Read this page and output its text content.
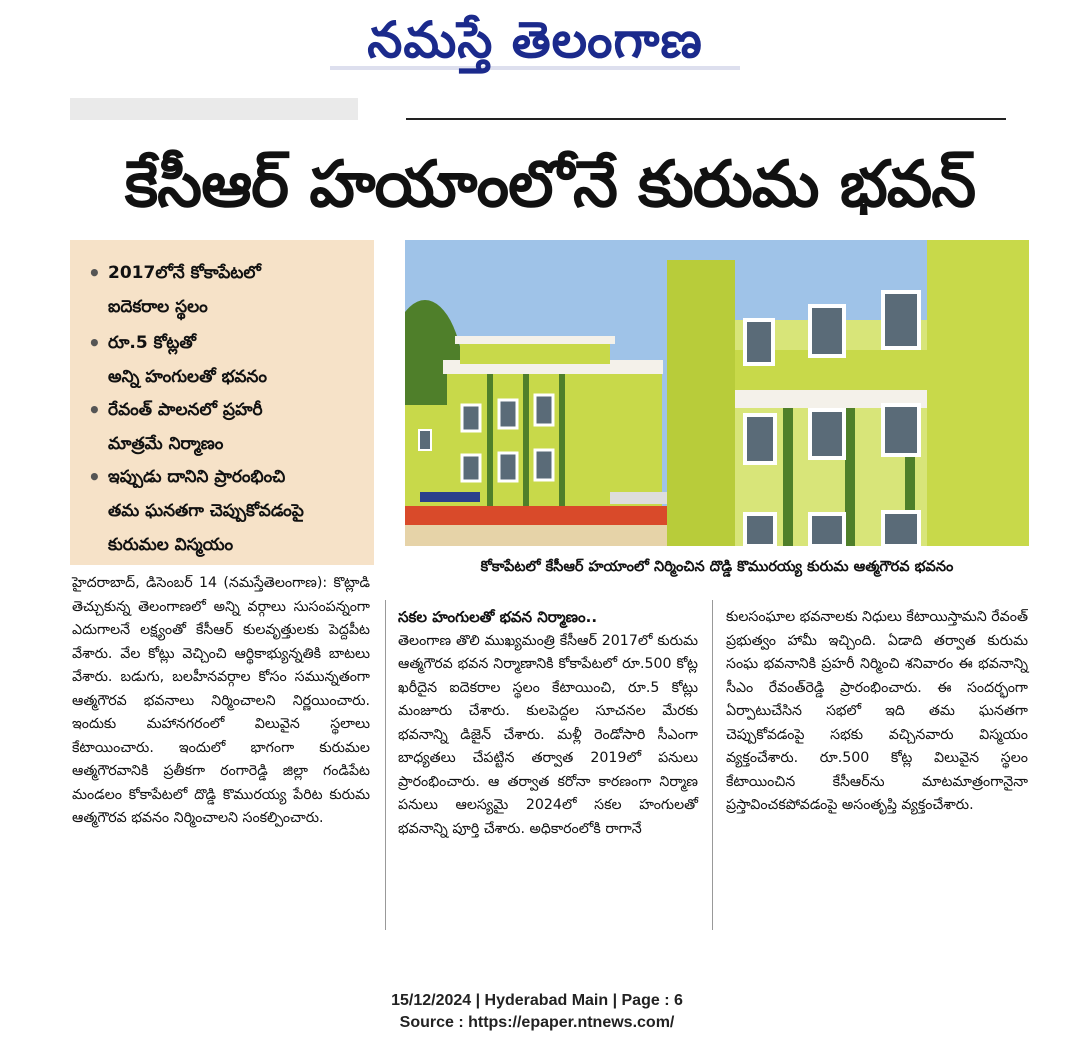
నమస్తే తెలంగాణ
కేసీఆర్ హయాంలోనే కురుమ భవన్
• 2017లోనే కోకాపేటలో
ఐదెకరాల స్థలం
• రూ.5 కోట్లతో
అన్ని హంగులతో భవనం
• రేవంత్ పాలనలో ప్రహరీ
మాత్రమే నిర్మాణం
• ఇప్పుడు దానిని ప్రారంభించి
తమ ఘనతగా చెప్పుకోవడంపై
కురుమల విస్మయం
కోకాపేటలో కేసీఆర్ హయాంలో నిర్మించిన దొడ్డి కొమురయ్య కురుమ ఆత్మగౌరవ భవనం

హైదరాబాద్, డిసెంబర్ 14 (నమస్తేతెలంగాణ): కొట్లాడి తెచ్చుకున్న తెలంగాణలో అన్ని వర్గాలు సుసంపన్నంగా ఎదుగాలనే లక్ష్యంతో కేసీఆర్ కులవృత్తులకు పెద్దపీట వేశారు. వేల కోట్లు వెచ్చించి ఆర్థికాభ్యున్నతికి బాటలు వేశారు. బడుగు, బలహీనవర్గాల కోసం సమున్నతంగా ఆత్మగౌరవ భవనాలు నిర్మించాలని నిర్ణయించారు. ఇందుకు మహానగరంలో విలువైన స్థలాలు కేటాయించారు. ఇందులో భాగంగా కురుమల ఆత్మగౌరవానికి ప్రతీకగా రంగారెడ్డి జిల్లా గండిపేట మండలం కోకాపేటలో దొడ్డి కొమురయ్య పేరిట కురుమ ఆత్మగౌరవ భవనం నిర్మించాలని సంకల్పించారు.

సకల హంగులతో భవన నిర్మాణం..

తెలంగాణ తొలి ముఖ్యమంత్రి కేసీఆర్ 2017లో కురుమ ఆత్మగౌరవ భవన నిర్మాణానికి కోకాపేటలో రూ.500 కోట్ల ఖరీదైన ఐదెకరాల స్థలం కేటాయించి, రూ.5 కోట్లు మంజూరు చేశారు. కులపెద్దల సూచనల మేరకు భవనాన్ని డిజైన్ చేశారు. మళ్లీ రెండోసారి సీఎంగా బాధ్యతలు చేపట్టిన తర్వాత 2019లో పనులు ప్రారంభించారు. ఆ తర్వాత కరోనా కారణంగా నిర్మాణ పనులు ఆలస్యమై 2024లో సకల హంగులతో భవనాన్ని పూర్తి చేశారు. అధికారంలోకి రాగానే

కులసంఘాల భవనాలకు నిధులు కేటాయిస్తామని రేవంత్ ప్రభుత్వం హామీ ఇచ్చింది. ఏడాది తర్వాత కురుమ సంఘ భవనానికి ప్రహరీ నిర్మించి శనివారం ఈ భవనాన్ని సీఎం రేవంత్‌రెడ్డి ప్రారంభించారు. ఈ సందర్భంగా ఏర్పాటుచేసిన సభలో ఇది తమ ఘనతగా చెప్పుకోవడంపై సభకు వచ్చినవారు విస్మయం వ్యక్తంచేశారు. రూ.500 కోట్ల విలువైన స్థలం కేటాయించిన కేసీఆర్‌ను మాటమాత్రంగానైనా ప్రస్తావించకపోవడంపై అసంతృప్తి వ్యక్తంచేశారు.

15/12/2024 | Hyderabad Main | Page : 6
Source : https://epaper.ntnews.com/
